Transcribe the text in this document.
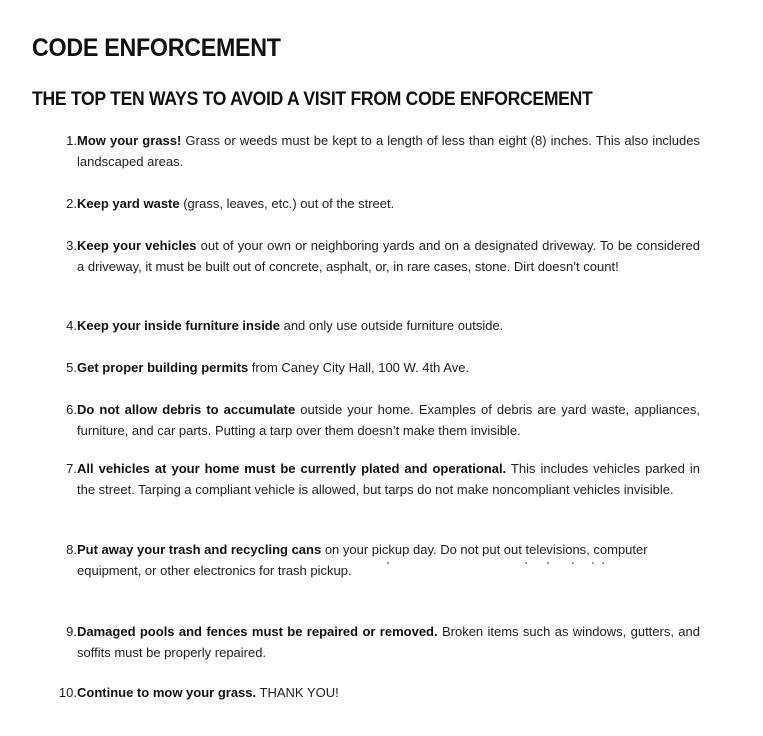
CODE ENFORCEMENT
THE TOP TEN WAYS TO AVOID A VISIT FROM CODE ENFORCEMENT
1. Mow your grass! Grass or weeds must be kept to a length of less than eight (8) inches. This also includes landscaped areas.
2. Keep yard waste (grass, leaves, etc.) out of the street.
3. Keep your vehicles out of your own or neighboring yards and on a designated driveway. To be considered a driveway, it must be built out of concrete, asphalt, or, in rare cases, stone. Dirt doesn’t count!
4. Keep your inside furniture inside and only use outside furniture outside.
5. Get proper building permits from Caney City Hall, 100 W. 4th Ave.
6. Do not allow debris to accumulate outside your home. Examples of debris are yard waste, appliances, furniture, and car parts. Putting a tarp over them doesn’t make them invisible.
7. All vehicles at your home must be currently plated and operational. This includes vehicles parked in the street. Tarping a compliant vehicle is allowed, but tarps do not make noncompliant vehicles invisible.
8. Put away your trash and recycling cans on your pickup day. Do not put out televisions, computer equipment, or other electronics for trash pickup.
9. Damaged pools and fences must be repaired or removed. Broken items such as windows, gutters, and soffits must be properly repaired.
10. Continue to mow your grass. THANK YOU!
